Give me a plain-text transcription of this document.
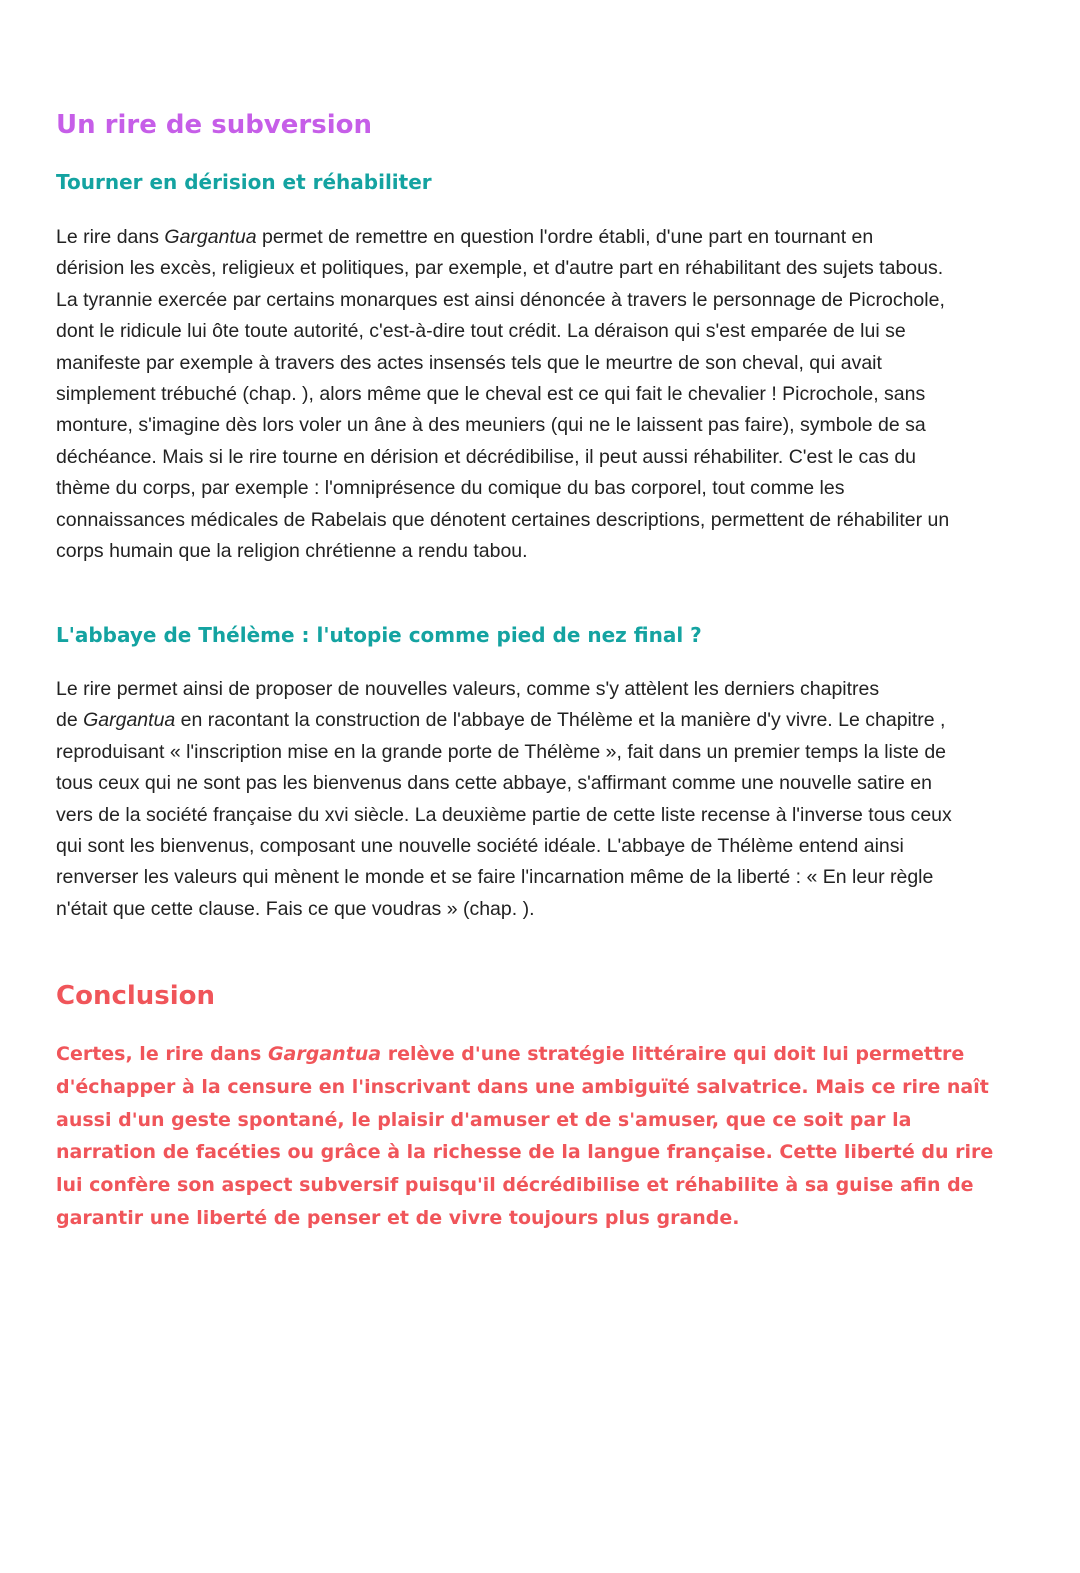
Un rire de subversion
Tourner en dérision et réhabiliter

Le rire dans Gargantua permet de remettre en question l'ordre établi, d'une part en tournant en
dérision les excès, religieux et politiques, par exemple, et d'autre part en réhabilitant des sujets tabous.
La tyrannie exercée par certains monarques est ainsi dénoncée à travers le personnage de Picrochole,
dont le ridicule lui ôte toute autorité, c'est-à-dire tout crédit. La déraison qui s'est emparée de lui se
manifeste par exemple à travers des actes insensés tels que le meurtre de son cheval, qui avait
simplement trébuché (chap. ), alors même que le cheval est ce qui fait le chevalier ! Picrochole, sans
monture, s'imagine dès lors voler un âne à des meuniers (qui ne le laissent pas faire), symbole de sa
déchéance. Mais si le rire tourne en dérision et décrédibilise, il peut aussi réhabiliter. C'est le cas du
thème du corps, par exemple : l'omniprésence du comique du bas corporel, tout comme les
connaissances médicales de Rabelais que dénotent certaines descriptions, permettent de réhabiliter un
corps humain que la religion chrétienne a rendu tabou.

L'abbaye de Thélème : l'utopie comme pied de nez final ?

Le rire permet ainsi de proposer de nouvelles valeurs, comme s'y attèlent les derniers chapitres
de Gargantua en racontant la construction de l'abbaye de Thélème et la manière d'y vivre. Le chapitre ,
reproduisant « l'inscription mise en la grande porte de Thélème », fait dans un premier temps la liste de
tous ceux qui ne sont pas les bienvenus dans cette abbaye, s'affirmant comme une nouvelle satire en
vers de la société française du xvi siècle. La deuxième partie de cette liste recense à l'inverse tous ceux
qui sont les bienvenus, composant une nouvelle société idéale. L'abbaye de Thélème entend ainsi
renverser les valeurs qui mènent le monde et se faire l'incarnation même de la liberté : « En leur règle
n'était que cette clause. Fais ce que voudras » (chap. ).

Conclusion

Certes, le rire dans Gargantua relève d'une stratégie littéraire qui doit lui permettre
d'échapper à la censure en l'inscrivant dans une ambiguïté salvatrice. Mais ce rire naît
aussi d'un geste spontané, le plaisir d'amuser et de s'amuser, que ce soit par la
narration de facéties ou grâce à la richesse de la langue française. Cette liberté du rire
lui confère son aspect subversif puisqu'il décrédibilise et réhabilite à sa guise afin de
garantir une liberté de penser et de vivre toujours plus grande.
